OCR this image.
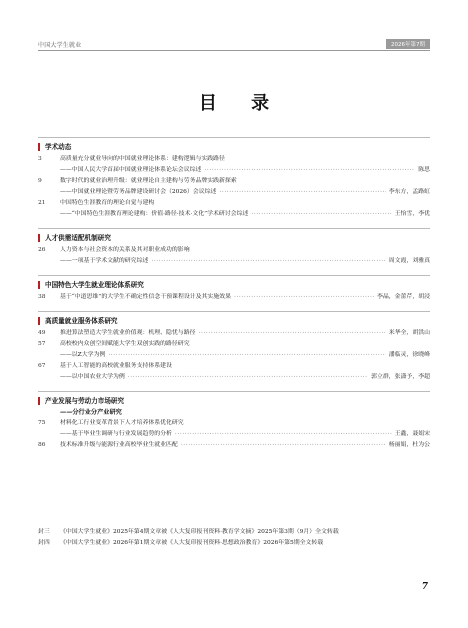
中国大学生就业	2026年第7期
目 录
学术动态
3	高质量充分就业导向的中国就业理论体系：建构逻辑与实践路径
——中国人民大学首届中国就业理论体系论坛会议综述 ·····	陈思
9	数字时代的就业治理升级：就业理论自主建构与劳务品牌实践新探索
——中国就业理论暨劳务品牌建设研讨会（2026）会议综述 ·····	李东方，孟路虹
21	中国特色生涯教育的理论自觉与建构
——“中国特色生涯教育理论建构：价值·路径·技术·文化”学术研讨会综述 ·····	王怡雪，李优
人才供需适配机制研究
26	人力资本与社会资本的关系及其对职业成功的影响
——一项基于学术文献的研究综述 ·····	周文霞，刘雅真
中国特色大学生就业理论体系研究
38	基于“中道思维”的大学生不确定性信念干预课程设计及其实施效果 ·····	李晶，金蕾芹，胡浸
高质量就业服务体系研究
49	推进算法塑造大学生就业价值观：机理、隐忧与路径 ·····	米华全，胡洪山
57	高校校内众创空间赋能大学生双创实践的路径研究
——以Z大学为例 ·····	潘临灵，徐晓峰
67	基于人工智能的高校就业服务支持体系建设
——以中国农业大学为例 ·····	郭立群，张潇予，李超
产业发展与劳动力市场研究
——分行业分产业研究
75	材料化工行业变革背景下人才培养体系优化研究
——基于毕业生调研与行业发展趋势的分析 ·····	王鑫，聂娟宋
86	技术标准升级与能源行业高校毕业生就业匹配 ·····	杨丽娟，杜为公
封三	《中国大学生就业》2025年第4期文章被《人大复印报刊资料·教育学文摘》2025年第3期（9月）全文转载
封四	《中国大学生就业》2026年第1期文章被《人大复印报刊资料·思想政治教育》2026年第5期全文转载
7
